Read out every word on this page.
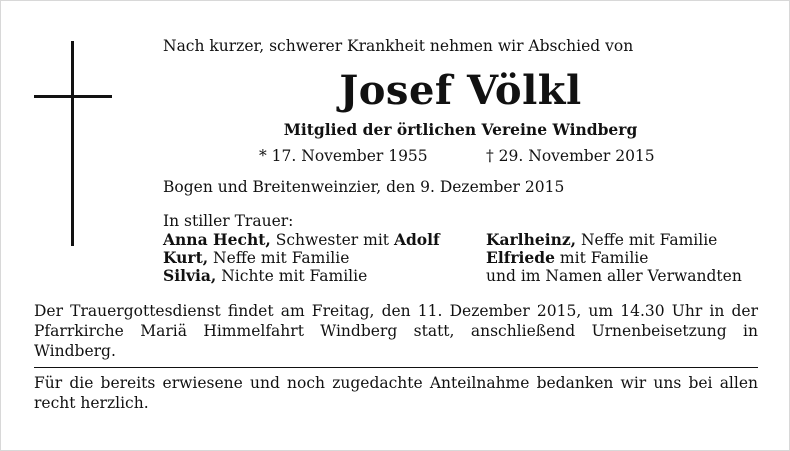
Nach kurzer, schwerer Krankheit nehmen wir Abschied von
Josef Völkl
Mitglied der örtlichen Vereine Windberg
* 17. November 1955	† 29. November 2015
Bogen und Breitenweinzier, den 9. Dezember 2015
In stiller Trauer:
Anna Hecht, Schwester mit Adolf
Kurt, Neffe mit Familie
Silvia, Nichte mit Familie
Karlheinz, Neffe mit Familie
Elfriede mit Familie
und im Namen aller Verwandten
Der Trauergottesdienst findet am Freitag, den 11. Dezember 2015, um 14.30 Uhr in der Pfarrkirche Mariä Himmelfahrt Windberg statt, anschließend Urnenbeisetzung in Windberg.
Für die bereits erwiesene und noch zugedachte Anteilnahme bedanken wir uns bei allen recht herzlich.
